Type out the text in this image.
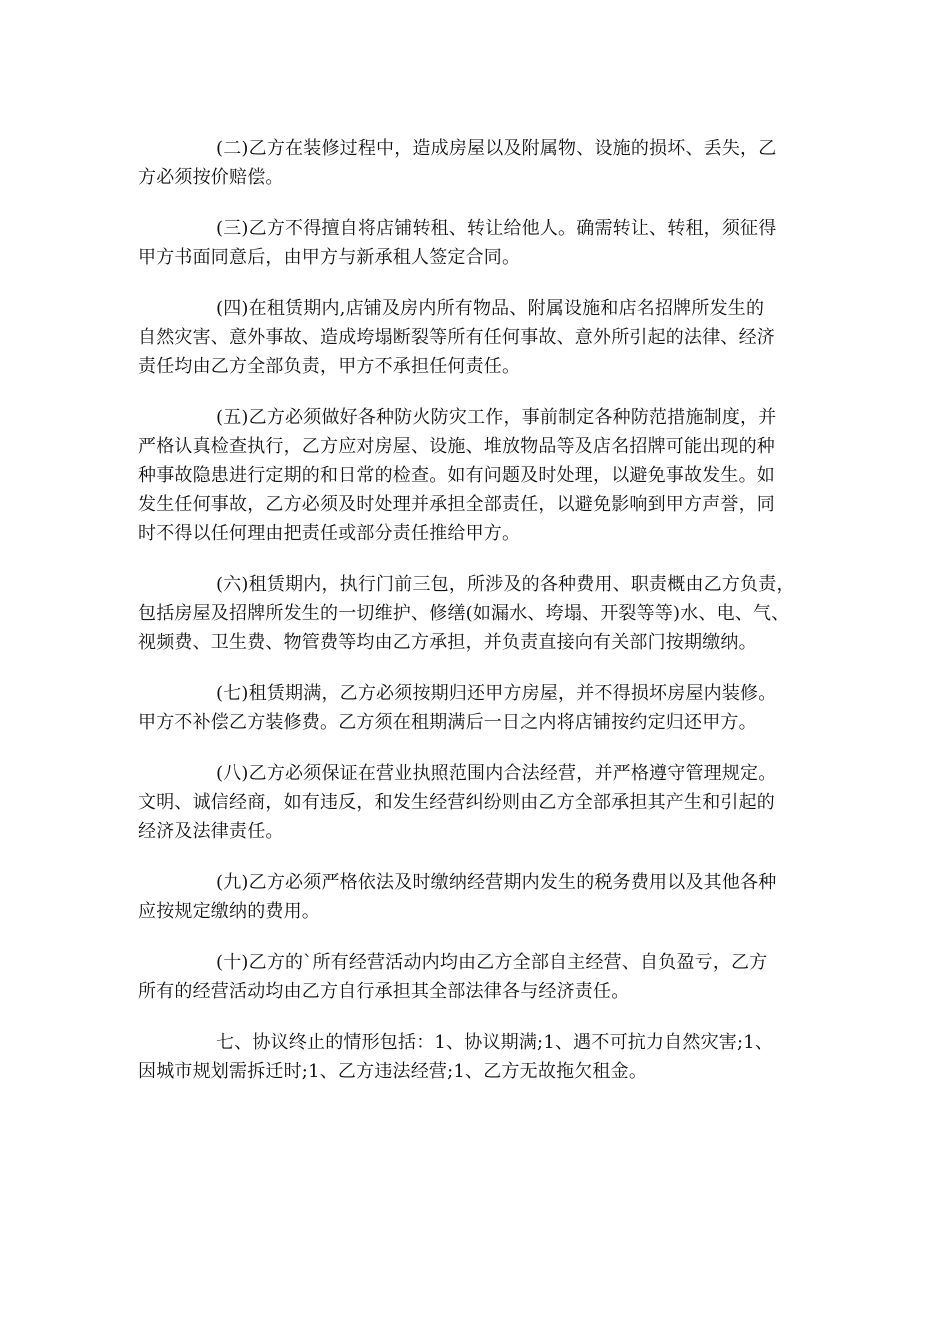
(二)乙方在装修过程中，造成房屋以及附属物、设施的损坏、丢失，乙
方必须按价赔偿。

(三)乙方不得擅自将店铺转租、转让给他人。确需转让、转租，须征得
甲方书面同意后，由甲方与新承租人签定合同。

(四)在租赁期内,店铺及房内所有物品、附属设施和店名招牌所发生的
自然灾害、意外事故、造成垮塌断裂等所有任何事故、意外所引起的法律、经济
责任均由乙方全部负责，甲方不承担任何责任。

(五)乙方必须做好各种防火防灾工作，事前制定各种防范措施制度，并
严格认真检查执行，乙方应对房屋、设施、堆放物品等及店名招牌可能出现的种
种事故隐患进行定期的和日常的检查。如有问题及时处理，以避免事故发生。如
发生任何事故，乙方必须及时处理并承担全部责任，以避免影响到甲方声誉，同
时不得以任何理由把责任或部分责任推给甲方。

(六)租赁期内，执行门前三包，所涉及的各种费用、职责概由乙方负责，
包括房屋及招牌所发生的一切维护、修缮(如漏水、垮塌、开裂等等)水、电、气、
视频费、卫生费、物管费等均由乙方承担，并负责直接向有关部门按期缴纳。

(七)租赁期满，乙方必须按期归还甲方房屋，并不得损坏房屋内装修。
甲方不补偿乙方装修费。乙方须在租期满后一日之内将店铺按约定归还甲方。

(八)乙方必须保证在营业执照范围内合法经营，并严格遵守管理规定。
文明、诚信经商，如有违反，和发生经营纠纷则由乙方全部承担其产生和引起的
经济及法律责任。

(九)乙方必须严格依法及时缴纳经营期内发生的税务费用以及其他各种
应按规定缴纳的费用。

(十)乙方的`所有经营活动内均由乙方全部自主经营、自负盈亏，乙方
所有的经营活动均由乙方自行承担其全部法律各与经济责任。

七、协议终止的情形包括：1、协议期满;1、遇不可抗力自然灾害;1、
因城市规划需拆迁时;1、乙方违法经营;1、乙方无故拖欠租金。
